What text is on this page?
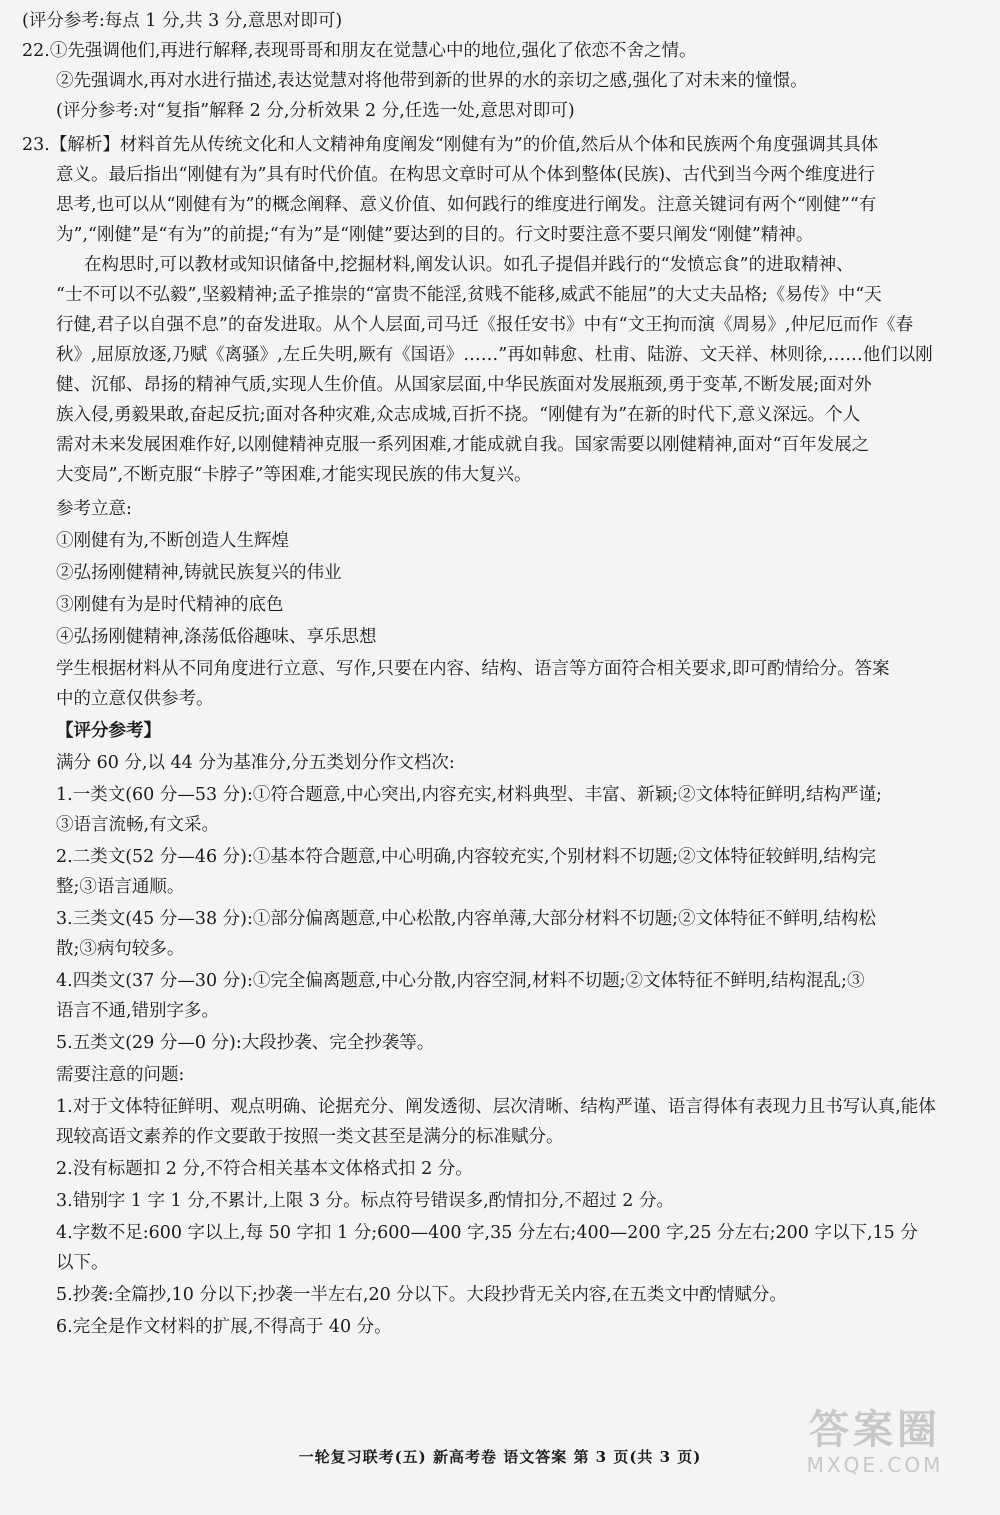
(评分参考:每点 1 分,共 3 分,意思对即可)
22.①先强调他们,再进行解释,表现哥哥和朋友在觉慧心中的地位,强化了依恋不舍之情。
②先强调水,再对水进行描述,表达觉慧对将他带到新的世界的水的亲切之感,强化了对未来的憧憬。
(评分参考:对“复指”解释 2 分,分析效果 2 分,任选一处,意思对即可)
23.【解析】材料首先从传统文化和人文精神角度阐发“刚健有为”的价值,然后从个体和民族两个角度强调其具体
意义。最后指出“刚健有为”具有时代价值。在构思文章时可从个体到整体(民族)、古代到当今两个维度进行
思考,也可以从“刚健有为”的概念阐释、意义价值、如何践行的维度进行阐发。注意关键词有两个“刚健”“有
为”,“刚健”是“有为”的前提;“有为”是“刚健”要达到的目的。行文时要注意不要只阐发“刚健”精神。
在构思时,可以教材或知识储备中,挖掘材料,阐发认识。如孔子提倡并践行的“发愤忘食”的进取精神、
“士不可以不弘毅”,坚毅精神;孟子推崇的“富贵不能淫,贫贱不能移,威武不能屈”的大丈夫品格;《易传》中“天
行健,君子以自强不息”的奋发进取。从个人层面,司马迁《报任安书》中有“文王拘而演《周易》,仲尼厄而作《春
秋》,屈原放逐,乃赋《离骚》,左丘失明,厥有《国语》……”再如韩愈、杜甫、陆游、文天祥、林则徐,……他们以刚
健、沉郁、昂扬的精神气质,实现人生价值。从国家层面,中华民族面对发展瓶颈,勇于变革,不断发展;面对外
族入侵,勇毅果敢,奋起反抗;面对各种灾难,众志成城,百折不挠。“刚健有为”在新的时代下,意义深远。个人
需对未来发展困难作好,以刚健精神克服一系列困难,才能成就自我。国家需要以刚健精神,面对“百年发展之
大变局”,不断克服“卡脖子”等困难,才能实现民族的伟大复兴。
参考立意:
①刚健有为,不断创造人生辉煌
②弘扬刚健精神,铸就民族复兴的伟业
③刚健有为是时代精神的底色
④弘扬刚健精神,涤荡低俗趣味、享乐思想
学生根据材料从不同角度进行立意、写作,只要在内容、结构、语言等方面符合相关要求,即可酌情给分。答案
中的立意仅供参考。
【评分参考】
满分 60 分,以 44 分为基准分,分五类划分作文档次:
1.一类文(60 分—53 分):①符合题意,中心突出,内容充实,材料典型、丰富、新颖;②文体特征鲜明,结构严谨;
③语言流畅,有文采。
2.二类文(52 分—46 分):①基本符合题意,中心明确,内容较充实,个别材料不切题;②文体特征较鲜明,结构完
整;③语言通顺。
3.三类文(45 分—38 分):①部分偏离题意,中心松散,内容单薄,大部分材料不切题;②文体特征不鲜明,结构松
散;③病句较多。
4.四类文(37 分—30 分):①完全偏离题意,中心分散,内容空洞,材料不切题;②文体特征不鲜明,结构混乱;③
语言不通,错别字多。
5.五类文(29 分—0 分):大段抄袭、完全抄袭等。
需要注意的问题:
1.对于文体特征鲜明、观点明确、论据充分、阐发透彻、层次清晰、结构严谨、语言得体有表现力且书写认真,能体
现较高语文素养的作文要敢于按照一类文甚至是满分的标准赋分。
2.没有标题扣 2 分,不符合相关基本文体格式扣 2 分。
3.错别字 1 字 1 分,不累计,上限 3 分。标点符号错误多,酌情扣分,不超过 2 分。
4.字数不足:600 字以上,每 50 字扣 1 分;600—400 字,35 分左右;400—200 字,25 分左右;200 字以下,15 分
以下。
5.抄袭:全篇抄,10 分以下;抄袭一半左右,20 分以下。大段抄背无关内容,在五类文中酌情赋分。
6.完全是作文材料的扩展,不得高于 40 分。
一轮复习联考(五) 新高考卷 语文答案 第 3 页(共 3 页)
答案圈
MXQE.COM
